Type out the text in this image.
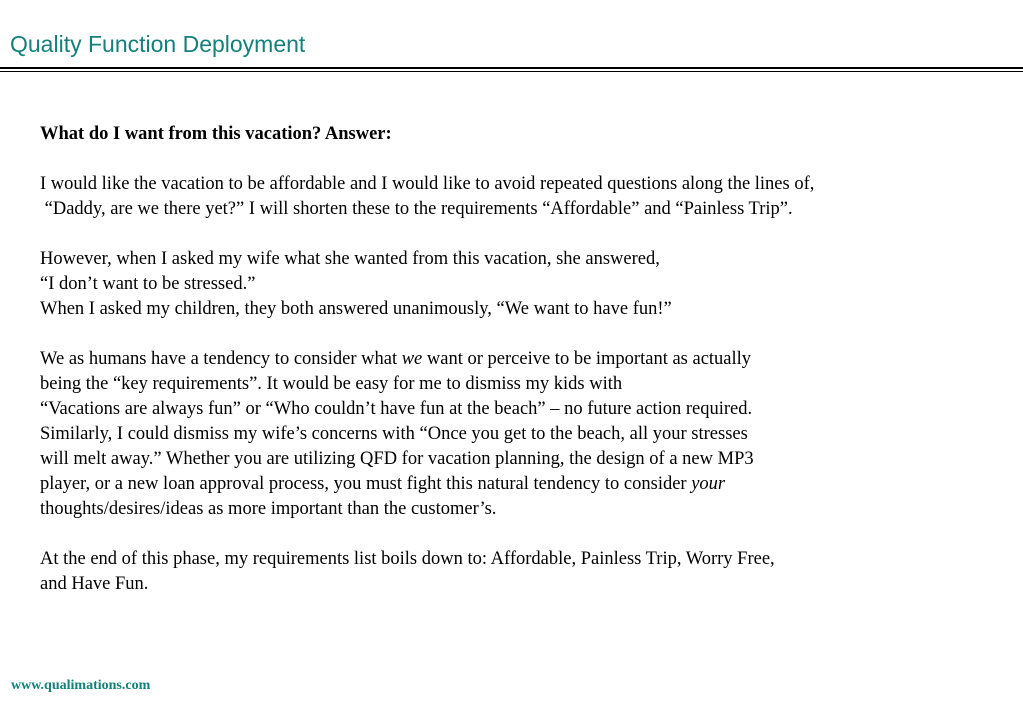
Quality Function Deployment
What do I want from this vacation? Answer:
I would like the vacation to be affordable and I would like to avoid repeated questions along the lines of,
“Daddy, are we there yet?” I will shorten these to the requirements “Affordable” and “Painless Trip”.
However, when I asked my wife what she wanted from this vacation, she answered,
“I don’t want to be stressed.”
When I asked my children, they both answered unanimously, “We want to have fun!”
We as humans have a tendency to consider what we want or perceive to be important as actually
being the “key requirements”. It would be easy for me to dismiss my kids with
“Vacations are always fun” or “Who couldn’t have fun at the beach” – no future action required.
Similarly, I could dismiss my wife’s concerns with “Once you get to the beach, all your stresses
will melt away.” Whether you are utilizing QFD for vacation planning, the design of a new MP3
player, or a new loan approval process, you must fight this natural tendency to consider your
thoughts/desires/ideas as more important than the customer’s.
At the end of this phase, my requirements list boils down to: Affordable, Painless Trip, Worry Free,
and Have Fun.
www.qualimations.com
